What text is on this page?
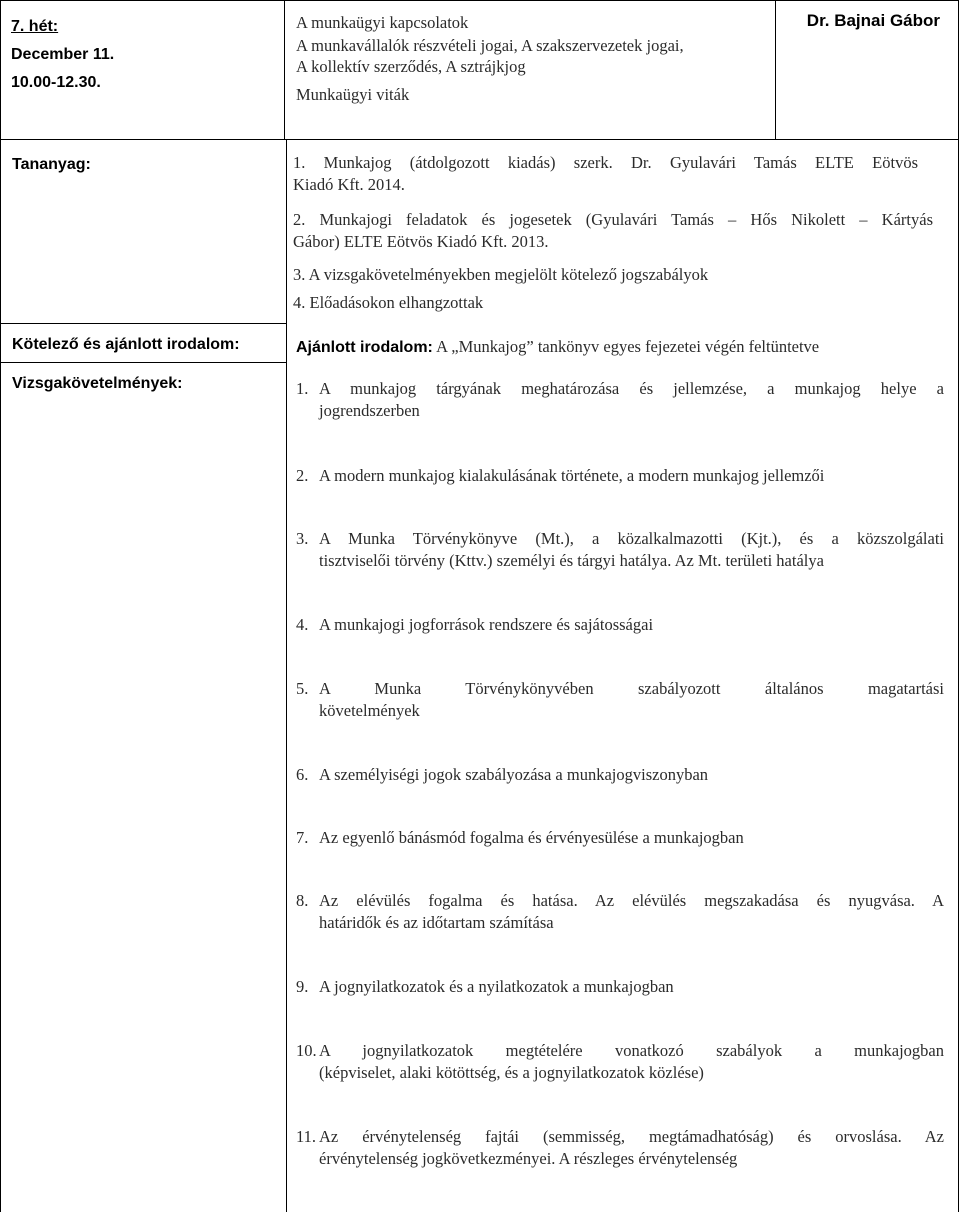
7. hét:
December 11.
10.00-12.30.
A munkaügyi kapcsolatok
A munkavállalók részvételi jogai, A szakszervezetek jogai,
A kollektív szerződés, A sztrájkjog
Munkaügyi viták
Dr. Bajnai Gábor
Tananyag:
Kötelező és ajánlott irodalom:
Vizsgakövetelmények:
1. Munkajog (átdolgozott kiadás) szerk. Dr. Gyulavári Tamás ELTE Eötvös
Kiadó Kft. 2014.
2. Munkajogi feladatok és jogesetek (Gyulavári Tamás – Hős Nikolett – Kártyás
Gábor) ELTE Eötvös Kiadó Kft. 2013.
3. A vizsgakövetelményekben megjelölt kötelező jogszabályok
4. Előadásokon elhangzottak
Ajánlott irodalom: A „Munkajog” tankönyv egyes fejezetei végén feltüntetve
1. A munkajog tárgyának meghatározása és jellemzése, a munkajog helye a
jogrendszerben
2. A modern munkajog kialakulásának története, a modern munkajog jellemzői
3. A Munka Törvénykönyve (Mt.), a közalkalmazotti (Kjt.), és a közszolgálati
tisztviselői törvény (Kttv.) személyi és tárgyi hatálya. Az Mt. területi hatálya
4. A munkajogi jogforrások rendszere és sajátosságai
5. A Munka Törvénykönyvében szabályozott általános magatartási
követelmények
6. A személyiségi jogok szabályozása a munkajogviszonyban
7. Az egyenlő bánásmód fogalma és érvényesülése a munkajogban
8. Az elévülés fogalma és hatása. Az elévülés megszakadása és nyugvása. A
határidők és az időtartam számítása
9. A jognyilatkozatok és a nyilatkozatok a munkajogban
10. A jognyilatkozatok megtételére vonatkozó szabályok a munkajogban
(képviselet, alaki kötöttség, és a jognyilatkozatok közlése)
11. Az érvénytelenség fajtái (semmisség, megtámadhatóság) és orvoslása. Az
érvénytelenség jogkövetkezményei. A részleges érvénytelenség
